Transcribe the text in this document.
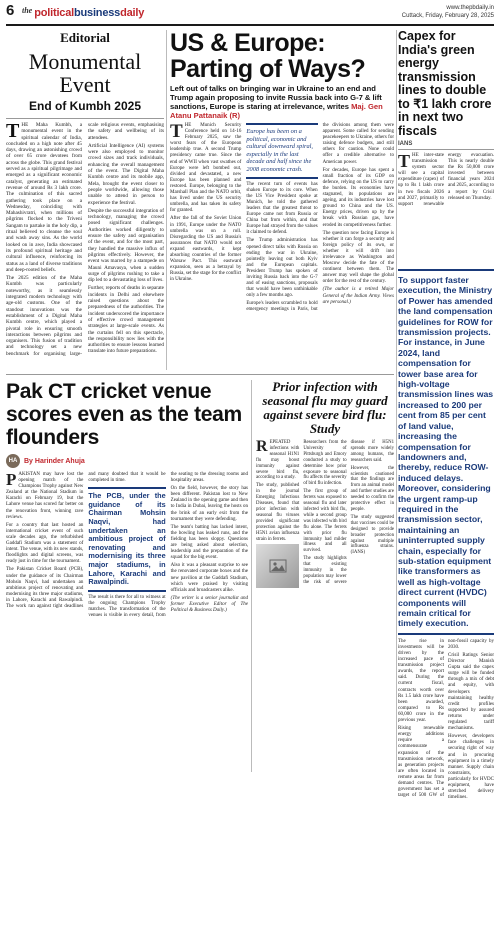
6 the politicalbusinessdaily	www.thepbdaily.in
Cuttack, Friday, February 28, 2025
Editorial
Monumental Event
End of Kumbh 2025

THE Maha Kumbh, a monumental event in the spiritual calendar of India, concluded on a high note after 45 days, drawing an astonishing crowd of over 65 crore devotees from across the globe. This grand festival served as a spiritual pilgrimage and emerged as a significant economic catalyst, generating an estimated revenue of around Rs 3 lakh crore. The culmination of this sacred gathering took place on a Wednesday, coinciding with Mahashivratri, when millions of pilgrims flocked to the Triveni Sangam to partake in the holy dip, a ritual believed to cleanse the soul and wash away sins. As the world looked on in awe, India showcased its profound spiritual heritage and cultural influence, reinforcing its status as a land of diverse traditions and deep-rooted beliefs.

The 2025 edition of the Maha Kumbh was particularly noteworthy, as it seamlessly integrated modern technology with age-old customs. One of the standout innovations was the establishment of a Digital Maha Kumbh centre, which played a pivotal role in ensuring smooth interactions between pilgrims and organisers. This fusion of tradition and technology set a new benchmark for organising large-scale religious events, emphasising the safety and wellbeing of its attendees.

Artificial Intelligence (AI) systems were also employed to monitor crowd sizes and track individuals, enhancing the overall management of the event. The Digital Maha Kumbh centre and its mobile app, Mela, brought the event closer to people worldwide, allowing those unable to attend in person to experience the festival.

Despite the successful integration of technology, managing the crowd posed significant challenges. Authorities worked diligently to ensure the safety and organisation of the event, and for the most part, they handled the massive influx of pilgrims effectively. However, the event was marred by a stampede on Mauni Amavasya, when a sudden surge of pilgrims rushing to take a dip led to a devastating loss of lives.

Further, reports of deaths in separate incidents in Delhi and elsewhere raised questions about the preparedness of the authorities. The incident underscored the importance of effective crowd management strategies at large-scale events. As the curtains fell on this spectacle, the responsibility now lies with the authorities to ensure lessons learned translate into future preparations.

US & Europe: Parting of Ways?
Left out of talks on bringing war in Ukraine to an end and Trump again proposing to invite Russia back into G-7 & lift sanctions, Europe is staring at irrelevance, writes Maj. Gen Atanu Pattanaik (R)

THE Munich Security Conference held on 14-16 February 2025, saw the worst fears of the European leadership true. A second Trump presidency came true. Since the end of WWII when vast swathes of Europe were left bombed out, divided and devastated, a new Europe has been planned and restored. Europe, belonging to the Marshall Plan and the NATO orbit, has lived under the US security umbrella, and has taken its safety for granted.

After the fall of the Soviet Union in 1991, Europe under the NATO umbrella was on a roll. Disregarding the US and Russia's assurances that NATO would not expand eastwards, it kept absorbing countries of the former Warsaw Pact. This eastward expansion, seen as a betrayal by Russia, set the stage for the conflict in Ukraine.

Europe has been on a political, economic and cultural downward spiral, especially in the last decade and half since the 2008 economic crash.

The recent turn of events has shaken Europe to its core. When the US Vice President spoke at Munich, he told the gathered leaders that the greatest threat to Europe came not from Russia or China but from within, and that Europe had strayed from the values it claimed to defend.

The Trump administration has opened direct talks with Russia on ending the war in Ukraine, pointedly leaving out both Kyiv and the European capitals. President Trump has spoken of inviting Russia back into the G-7 and of easing sanctions, proposals that would have been unthinkable only a few months ago.

Europe's leaders scrambled to hold emergency meetings in Paris, but the divisions among them were apparent. Some called for sending peacekeepers to Ukraine, others for raising defence budgets, and still others for caution. None could offer a credible alternative to American power.

For decades, Europe has spent a small fraction of its GDP on defence, relying on the US to carry the burden. Its economies have stagnated, its populations are ageing, and its industries have lost ground to China and the US. Energy prices, driven up by the break with Russian gas, have eroded its competitiveness further.

The question now facing Europe is whether it can forge a security and foreign policy of its own, or whether it will drift into irrelevance as Washington and Moscow decide the fate of the continent between them. The answer may well shape the global order for the rest of the century.

(The author is a retired Major General of the Indian Army. Views are personal.)

Capex for India's green energy transmission lines to double to ₹1 lakh crore in next two fiscals
IANS

THE inter-state transmission system sector will see a capital expenditure (capex) of up to Rs 1 lakh crore in two fiscals 2026 and 2027, primarily to support renewable energy evacuation. This is nearly double the Rs 50,000 crore invested between financial years 2024 and 2025, according to a report by Crisil released on Thursday.

To support faster execution, the Ministry of Power has amended the land compensation guidelines for ROW for transmission projects. For instance, in June 2024, land compensation for tower base area for high-voltage transmission lines was increased to 200 per cent from 85 per cent of land value, increasing the compensation for landowners and, thereby, reduce ROW-induced delays. Moreover, considering the urgent ramp-up required in the transmission sector, maintaining an uninterrupted supply chain, especially for sub-station equipment like transformers as well as high-voltage direct current (HVDC) components will remain critical for timely execution.

The rise in investments will be driven by the increased pace of transmission project awards, the report said. During the current fiscal, contracts worth over Rs 1.5 lakh crore have been awarded, compared to Rs 60,000 crore in the previous year.

Rising renewable energy additions require a commensurate expansion of the transmission network, as generation projects are often located in remote areas far from demand centres. The government has set a target of 500 GW of non-fossil capacity by 2030.

Crisil Ratings Senior Director Manish Gupta said the capex surge will be funded through a mix of debt and equity, with developers maintaining healthy credit profiles supported by assured returns under regulated tariff mechanisms.

However, developers face challenges in securing right of way and in procuring equipment in a timely manner. Supply chain constraints, particularly for HVDC equipment, have stretched delivery timelines.

Pak CT cricket venue scores even as the team flounders
HA By Harinder Ahuja

PAKISTAN may have lost the opening match of the Champions Trophy against New Zealand at the National Stadium in Karachi on February 19, but the Lahore venue has scored far better on the renovation front, winning rave reviews.

For a country that last hosted an international cricket event of such scale decades ago, the refurbished Gaddafi Stadium was a statement of intent. The venue, with its new stands, floodlights and digital screens, was ready just in time for the tournament.

The Pakistan Cricket Board (PCB), under the guidance of its Chairman Mohsin Naqvi, had undertaken an ambitious project of renovating and modernising its three major stadiums, in Lahore, Karachi and Rawalpindi. The work ran against tight deadlines and many doubted that it would be completed in time.

The PCB, under the guidance of its Chairman Mohsin Naqvi, had undertaken an ambitious project of renovating and modernising its three major stadiums, in Lahore, Karachi and Rawalpindi.

The result is there for all to witness at the ongoing Champions Trophy matches. The transformation of the venues is visible in every detail, from the seating to the dressing rooms and hospitality areas.

On the field, however, the story has been different. Pakistan lost to New Zealand in the opening game and then to India in Dubai, leaving the hosts on the brink of an early exit from the tournament they were defending.

The team's batting has lacked intent, the bowling has leaked runs, and the fielding has been sloppy. Questions are being asked about selection, leadership and the preparation of the squad for the big event.

Also it was a pleasant surprise to see the renovated corporate boxes and the new pavilion at the Gaddafi Stadium, which were praised by visiting officials and broadcasters alike.

(The writer is a senior journalist and former Executive Editor of The Political & Business Daily.)

Prior infection with seasonal flu may guard against severe bird flu: Study

REPEATED infections with seasonal H1N1 flu may boost immunity against severe bird flu, according to a study.

The study, published in the journal Emerging Infectious Diseases, found that prior infection with seasonal flu viruses provided significant protection against the H5N1 avian influenza strain in ferrets.

Researchers from the University of Pittsburgh and Emory conducted a study to determine how prior exposure to seasonal flu affects the severity of bird flu infection.

The first group of ferrets was exposed to seasonal flu and later infected with bird flu, while a second group was infected with bird flu alone. The ferrets with prior flu immunity had milder illness and all survived.

The study highlights that existing immunity in the population may lower the risk of severe disease if H5N1 spreads more widely among humans, the researchers said.

However, the scientists cautioned that the findings are from an animal model and further studies are needed to confirm the protective effect in people.

The study suggested that vaccines could be designed to provide broader protection against multiple influenza strains. (IANS)
